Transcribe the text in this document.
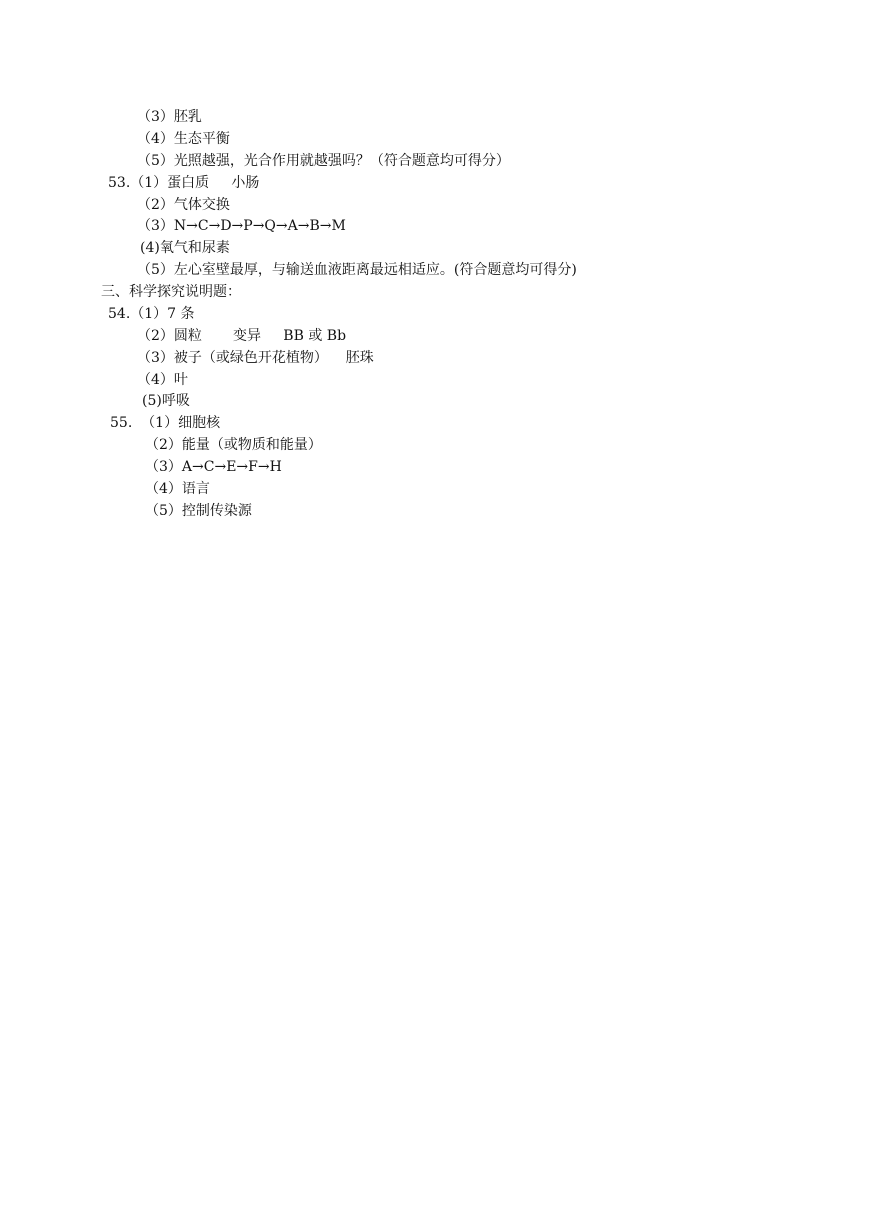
（3）胚乳
（4）生态平衡
（5）光照越强，光合作用就越强吗？（符合题意均可得分）
53.（1）蛋白质     小肠
（2）气体交换
（3）N→C→D→P→Q→A→B→M
(4)氧气和尿素
（5）左心室壁最厚，与输送血液距离最远相适应。(符合题意均可得分)
三、科学探究说明题：
54.（1）7 条
（2）圆粒       变异     BB 或 Bb
（3）被子（或绿色开花植物）    胚珠
（4）叶
(5)呼吸
55.  （1）细胞核
（2）能量（或物质和能量）
（3）A→C→E→F→H
（4）语言
（5）控制传染源
